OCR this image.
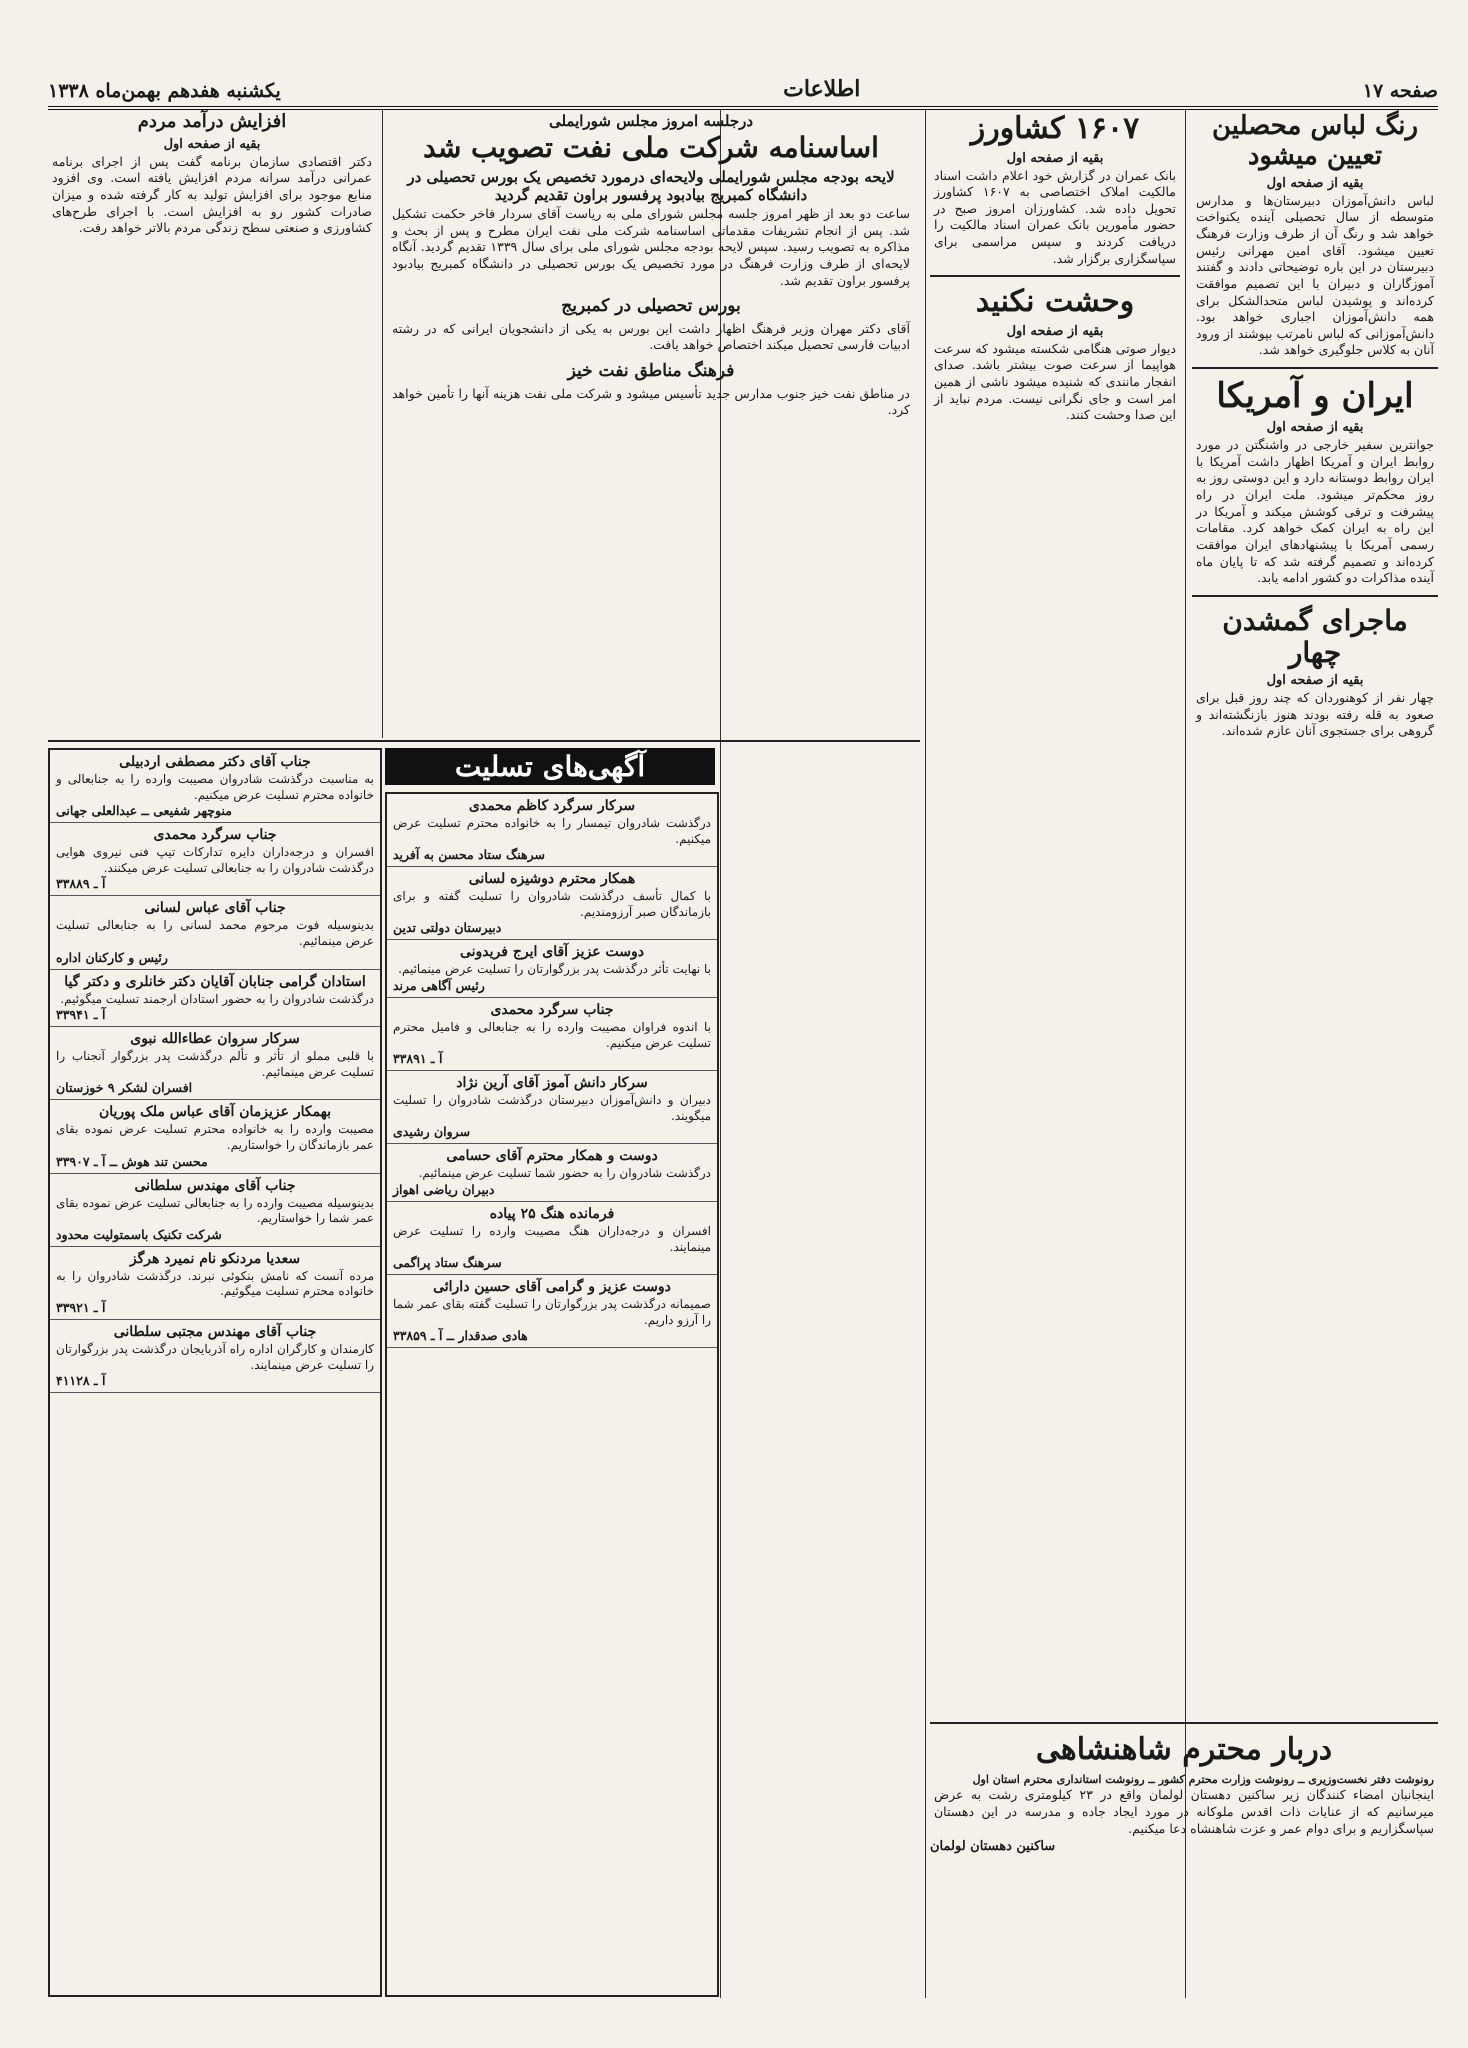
صفحه ۱۷
اطلاعات
یکشنبه هفدهم بهمن‌ماه ۱۳۳۸
رنگ لباس محصلین تعیین میشود
بقیه از صفحه اول
لباس دانش‌آموزان دبیرستان‌ها و مدارس متوسطه از سال تحصیلی آینده یکنواخت خواهد شد و رنگ آن از طرف وزارت فرهنگ تعیین میشود. آقای امین مهرانی رئیس دبیرستان در این باره توضیحاتی دادند و گفتند آموزگاران و دبیران با این تصمیم موافقت کرده‌اند و پوشیدن لباس متحدالشکل برای همه دانش‌آموزان اجباری خواهد بود. دانش‌آموزانی که لباس نامرتب بپوشند از ورود آنان به کلاس جلوگیری خواهد شد.
ایران و آمریکا
بقیه از صفحه اول
جوانترین سفیر خارجی در واشنگتن در مورد روابط ایران و آمریکا اظهار داشت آمریکا با ایران روابط دوستانه دارد و این دوستی روز به روز محکم‌تر میشود. ملت ایران در راه پیشرفت و ترقی کوشش میکند و آمریکا در این راه به ایران کمک خواهد کرد. مقامات رسمی آمریکا با پیشنهادهای ایران موافقت کرده‌اند و تصمیم گرفته شد که تا پایان ماه آینده مذاکرات دو کشور ادامه یابد.
ماجرای گمشدن چهار
بقیه از صفحه اول
چهار نفر از کوهنوردان که چند روز قبل برای صعود به قله رفته بودند هنوز بازنگشته‌اند و گروهی برای جستجوی آنان عازم شده‌اند.
۱۶۰۷ کشاورز
بقیه از صفحه اول
بانک عمران در گزارش خود اعلام داشت اسناد مالکیت املاک اختصاصی به ۱۶۰۷ کشاورز تحویل داده شد. کشاورزان امروز صبح در حضور مأمورین بانک عمران اسناد مالکیت را دریافت کردند و سپس مراسمی برای سپاسگزاری برگزار شد.
وحشت نکنید
بقیه از صفحه اول
دیوار صوتی هنگامی شکسته میشود که سرعت هواپیما از سرعت صوت بیشتر باشد. صدای انفجار مانندی که شنیده میشود ناشی از همین امر است و جای نگرانی نیست. مردم نباید از این صدا وحشت کنند.
دربار محترم شاهنشاهی
رونوشت دفتر نخست‌وزیری ــ رونوشت وزارت محترم کشور ــ رونوشت استانداری محترم استان اول
اینجانبان امضاء کنندگان زیر ساکنین دهستان لولمان واقع در ۲۳ کیلومتری رشت به عرض میرسانیم که از عنایات ذات اقدس ملوکانه در مورد ایجاد جاده و مدرسه در این دهستان سپاسگزاریم و برای دوام عمر و عزت شاهنشاه دعا میکنیم.
ساکنین دهستان لولمان
درجلسه امروز مجلس شورایملی
اساسنامه شرکت ملی نفت تصویب شد
لایحه بودجه مجلس شورایملی ولایحه‌ای درمورد تخصیص یک بورس تحصیلی در دانشگاه کمبریج بیادبود پرفسور براون تقدیم گردید
ساعت دو بعد از ظهر امروز جلسه مجلس شورای ملی به ریاست آقای سردار فاخر حکمت تشکیل شد. پس از انجام تشریفات مقدماتی اساسنامه شرکت ملی نفت ایران مطرح و پس از بحث و مذاکره به تصویب رسید. سپس لایحه بودجه مجلس شورای ملی برای سال ۱۳۳۹ تقدیم گردید. آنگاه لایحه‌ای از طرف وزارت فرهنگ در مورد تخصیص یک بورس تحصیلی در دانشگاه کمبریج بیادبود پرفسور براون تقدیم شد.
بورس تحصیلی در کمبریج
آقای دکتر مهران وزیر فرهنگ اظهار داشت این بورس به یکی از دانشجویان ایرانی که در رشته ادبیات فارسی تحصیل میکند اختصاص خواهد یافت.
فرهنگ مناطق نفت خیز
در مناطق نفت خیز جنوب مدارس جدید تأسیس میشود و شرکت ملی نفت هزینه آنها را تأمین خواهد کرد.
افزایش درآمد مردم
بقیه از صفحه اول
دکتر اقتصادی سازمان برنامه گفت پس از اجرای برنامه عمرانی درآمد سرانه مردم افزایش یافته است. وی افزود منابع موجود برای افزایش تولید به کار گرفته شده و میزان صادرات کشور رو به افزایش است. با اجرای طرح‌های کشاورزی و صنعتی سطح زندگی مردم بالاتر خواهد رفت.
آگهی‌های تسلیت
جناب آقای دکتر مصطفی اردبیلی
به مناسبت درگذشت شادروان مصیبت وارده را به جنابعالی و خانواده محترم تسلیت عرض میکنیم.
منوچهر شفیعی ــ عبدالعلی جهانی
جناب سرگرد محمدی
افسران و درجه‌داران دایره تدارکات تیپ فنی نیروی هوایی درگذشت شادروان را به جنابعالی تسلیت عرض میکنند.
آ ـ ۳۳۸۸۹
جناب آقای عباس لسانی
بدینوسیله فوت مرحوم محمد لسانی را به جنابعالی تسلیت عرض مینمائیم.
رئیس و کارکنان اداره
استادان گرامی جنابان آقایان دکتر خانلری و دکتر گیا
درگذشت شادروان را به حضور استادان ارجمند تسلیت میگوئیم.
آ ـ ۳۳۹۴۱
سرکار سروان عطاءالله نبوی
با قلبی مملو از تأثر و تألم درگذشت پدر بزرگوار آنجناب را تسلیت عرض مینمائیم.
افسران لشکر ۹ خوزستان
بهمکار عزیزمان آقای عباس ملک پوریان
مصیبت وارده را به خانواده محترم تسلیت عرض نموده بقای عمر بازماندگان را خواستاریم.
محسن تند هوش ــ آ ـ ۳۳۹۰۷
جناب آقای مهندس سلطانی
بدینوسیله مصیبت وارده را به جنابعالی تسلیت عرض نموده بقای عمر شما را خواستاریم.
شرکت تکنیک باسمتولیت محدود
سعدیا مردنکو نام نمیرد هرگز
مرده آنست که نامش بنکوئی نبرند. درگذشت شادروان را به خانواده محترم تسلیت میگوئیم.
آ ـ ۳۳۹۲۱
جناب آقای مهندس مجتبی سلطانی
کارمندان و کارگران اداره راه آذربایجان درگذشت پدر بزرگوارتان را تسلیت عرض مینمایند.
آ ـ ۴۱۱۲۸
سرکار سرگرد کاظم محمدی
درگذشت شادروان تیمسار را به خانواده محترم تسلیت عرض میکنیم.
سرهنگ ستاد محسن به آفرید
همکار محترم دوشیزه لسانی
با کمال تأسف درگذشت شادروان را تسلیت گفته و برای بازماندگان صبر آرزومندیم.
دبیرستان دولتی تدین
دوست عزیز آقای ایرج فریدونی
با نهایت تأثر درگذشت پدر بزرگوارتان را تسلیت عرض مینمائیم.
رئیس آگاهی مرند
جناب سرگرد محمدی
با اندوه فراوان مصیبت وارده را به جنابعالی و فامیل محترم تسلیت عرض میکنیم.
آ ـ ۳۳۸۹۱
سرکار دانش آموز آقای آرین نژاد
دبیران و دانش‌آموزان دبیرستان درگذشت شادروان را تسلیت میگویند.
سروان رشیدی
دوست و همکار محترم آقای حسامی
درگذشت شادروان را به حضور شما تسلیت عرض مینمائیم.
دبیران ریاضی اهواز
فرمانده هنگ ۲۵ پیاده
افسران و درجه‌داران هنگ مصیبت وارده را تسلیت عرض مینمایند.
سرهنگ ستاد پراگمی
دوست عزیز و گرامی آقای حسین دارائی
صمیمانه درگذشت پدر بزرگوارتان را تسلیت گفته بقای عمر شما را آرزو داریم.
هادی صدقدار ــ آ ـ ۳۳۸۵۹
